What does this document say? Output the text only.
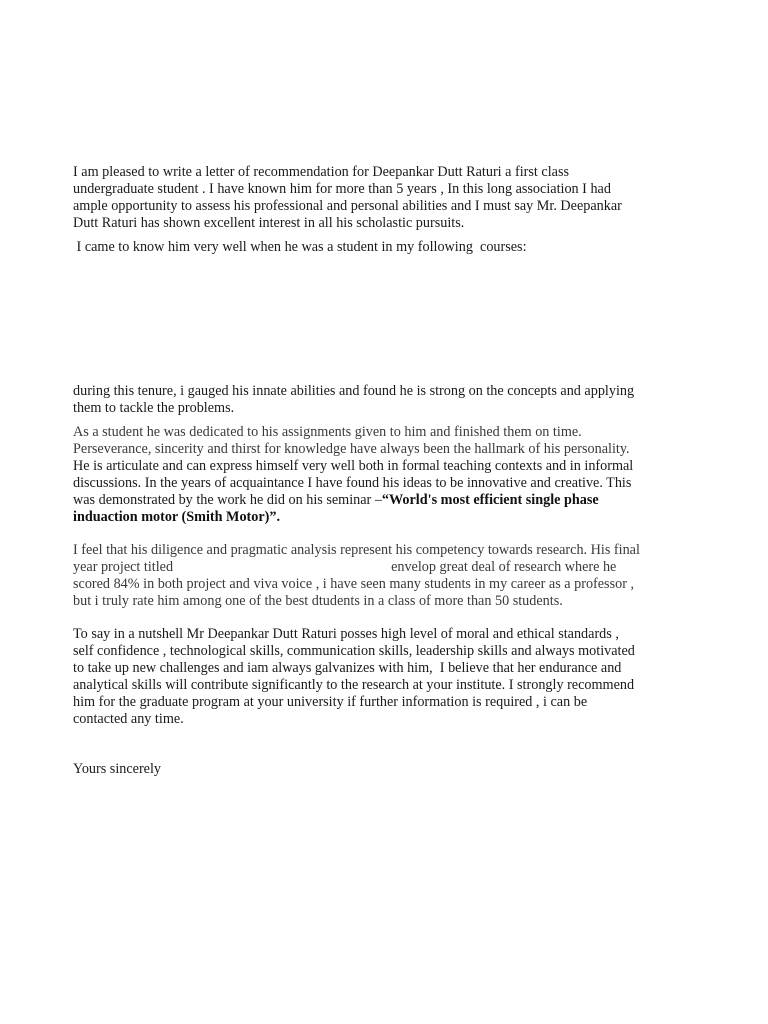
I am pleased to write a letter of recommendation for Deepankar Dutt Raturi a first class
undergraduate student . I have known him for more than 5 years , In this long association I had
ample opportunity to assess his professional and personal abilities and I must say Mr. Deepankar
Dutt Raturi has shown excellent interest in all his scholastic pursuits.

I came to know him very well when he was a student in my following  courses:

during this tenure, i gauged his innate abilities and found he is strong on the concepts and applying
them to tackle the problems.

As a student he was dedicated to his assignments given to him and finished them on time.
Perseverance, sincerity and thirst for knowledge have always been the hallmark of his personality.
He is articulate and can express himself very well both in formal teaching contexts and in informal
discussions. In the years of acquaintance I have found his ideas to be innovative and creative. This
was demonstrated by the work he did on his seminar –“World's most efficient single phase
induaction motor (Smith Motor)”.

I feel that his diligence and pragmatic analysis represent his competency towards research. His final
year project titled	envelop great deal of research where he
scored 84% in both project and viva voice , i have seen many students in my career as a professor ,
but i truly rate him among one of the best dtudents in a class of more than 50 students.

To say in a nutshell Mr Deepankar Dutt Raturi posses high level of moral and ethical standards ,
self confidence , technological skills, communication skills, leadership skills and always motivated
to take up new challenges and iam always galvanizes with him,  I believe that her endurance and
analytical skills will contribute significantly to the research at your institute. I strongly recommend
him for the graduate program at your university if further information is required , i can be
contacted any time.

Yours sincerely
